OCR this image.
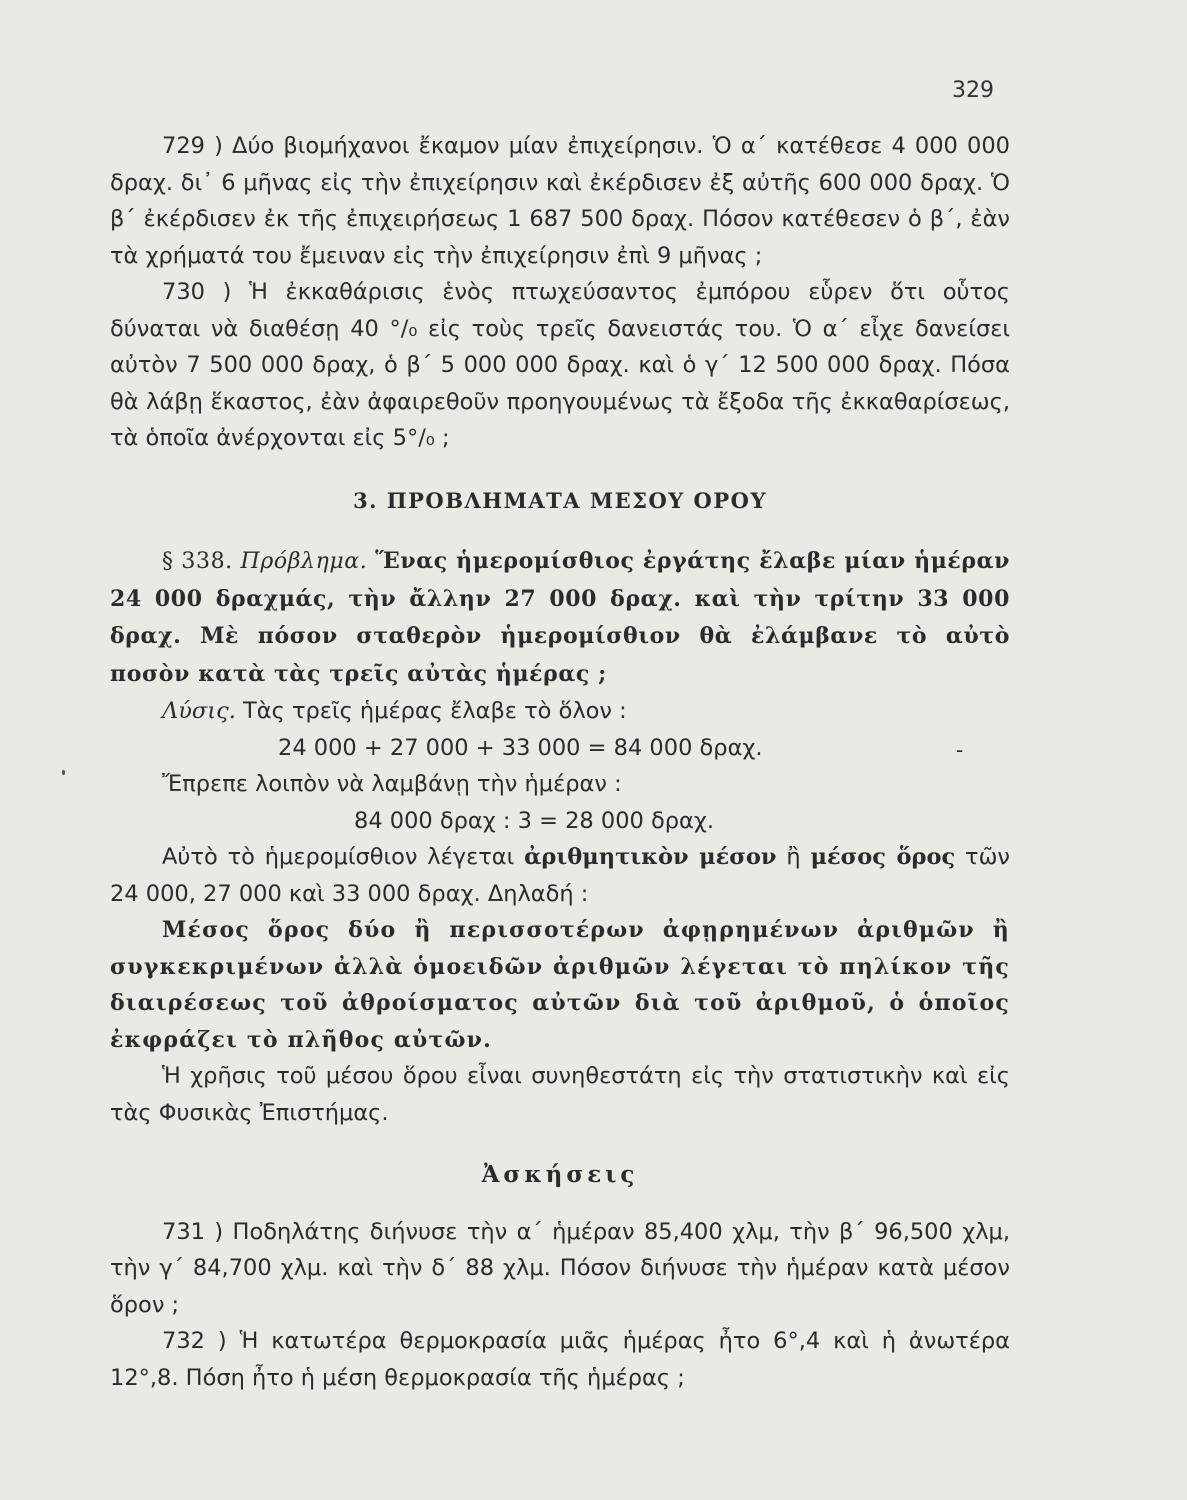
329
-

729 ) Δύο βιομήχανοι ἔκαμον μίαν ἐπιχείρησιν. Ὁ α΄ κατέθεσε 4 000 000 δραχ. δι᾽ 6 μῆνας εἰς τὴν ἐπιχείρησιν καὶ ἐκέρδισεν ἐξ αὐτῆς 600 000 δραχ. Ὁ β΄ ἐκέρδισεν ἐκ τῆς ἐπιχειρήσεως 1 687 500 δραχ. Πόσον κατέθεσεν ὁ β΄, ἐὰν τὰ χρήματά του ἔμειναν εἰς τὴν ἐπιχείρησιν ἐπὶ 9 μῆνας ;

730 ) Ἡ ἐκκαθάρισις ἑνὸς πτωχεύσαντος ἐμπόρου εὗρεν ὅτι οὗτος δύναται νὰ διαθέσῃ 40 °/₀ εἰς τοὺς τρεῖς δανειστάς του. Ὁ α΄ εἶχε δανείσει αὐτὸν 7 500 000 δραχ, ὁ β΄ 5 000 000 δραχ. καὶ ὁ γ΄ 12 500 000 δραχ. Πόσα θὰ λάβῃ ἕκαστος, ἐὰν ἀφαιρεθοῦν προηγουμένως τὰ ἔξοδα τῆς ἐκκαθαρίσεως, τὰ ὁποῖα ἀνέρχονται εἰς 5°/₀ ;

3. ΠΡΟΒΛΗΜΑΤΑ ΜΕΣΟΥ ΟΡΟΥ

§ 338. Πρόβλημα. Ἕνας ἡμερομίσθιος ἐργάτης ἔλαβε μίαν ἡμέραν 24 000 δραχμάς, τὴν ἄλλην 27 000 δραχ. καὶ τὴν τρίτην 33 000 δραχ. Μὲ πόσον σταθερὸν ἡμερομίσθιον θὰ ἐλάμβανε τὸ αὐτὸ ποσὸν κατὰ τὰς τρεῖς αὐτὰς ἡμέρας ;

Λύσις. Τὰς τρεῖς ἡμέρας ἔλαβε τὸ ὅλον :

24 000 + 27 000 + 33 000 = 84 000 δραχ.

Ἔπρεπε λοιπὸν νὰ λαμβάνῃ τὴν ἡμέραν :

84 000 δραχ : 3 = 28 000 δραχ.

Αὐτὸ τὸ ἡμερομίσθιον λέγεται ἀριθμητικὸν μέσον ἢ μέσος ὅρος τῶν 24 000, 27 000 καὶ 33 000 δραχ. Δηλαδή :

Μέσος ὅρος δύο ἢ περισσοτέρων ἀφῃρημένων ἀριθμῶν ἢ συγκεκριμένων ἀλλὰ ὁμοειδῶν ἀριθμῶν λέγεται τὸ πηλίκον τῆς διαιρέσεως τοῦ ἀθροίσματος αὐτῶν διὰ τοῦ ἀριθμοῦ, ὁ ὁποῖος ἐκφράζει τὸ πλῆθος αὐτῶν.

Ἡ χρῆσις τοῦ μέσου ὅρου εἶναι συνηθεστάτη εἰς τὴν στατιστικὴν καὶ εἰς τὰς Φυσικὰς Ἐπιστήμας.

Ἀσκήσεις

731 ) Ποδηλάτης διήνυσε τὴν α΄ ἡμέραν 85,400 χλμ, τὴν β΄ 96,500 χλμ, τὴν γ΄ 84,700 χλμ. καὶ τὴν δ΄ 88 χλμ. Πόσον διήνυσε τὴν ἡμέραν κατὰ μέσον ὅρον ;

732 ) Ἡ κατωτέρα θερμοκρασία μιᾶς ἡμέρας ἦτο 6°,4 καὶ ἡ ἀνωτέρα 12°,8. Πόση ἦτο ἡ μέση θερμοκρασία τῆς ἡμέρας ;
